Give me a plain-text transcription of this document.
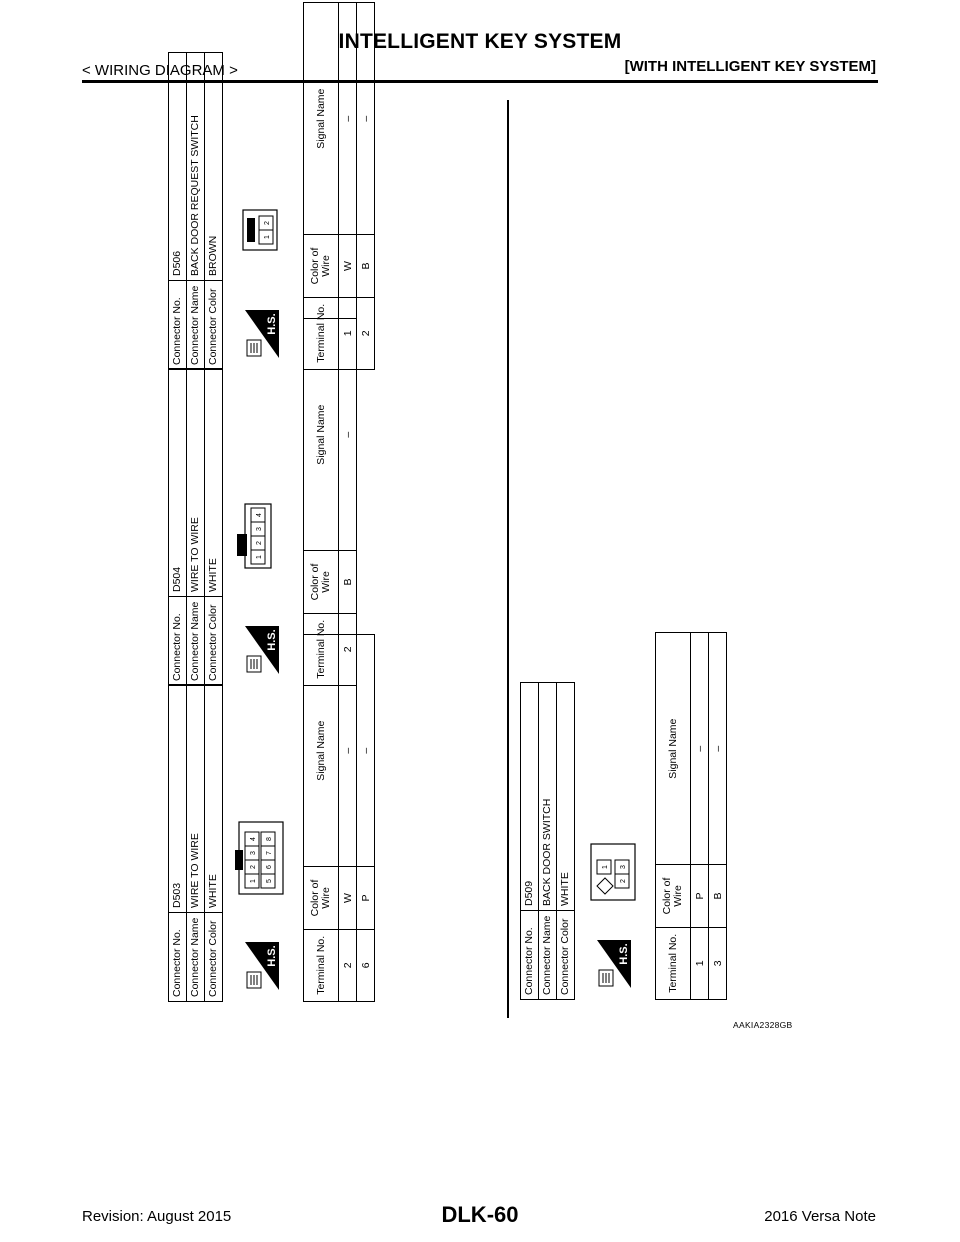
INTELLIGENT KEY SYSTEM
< WIRING DIAGRAM >	[WITH INTELLIGENT KEY SYSTEM]
Connector No.	D503
Connector Name	WIRE TO WIRE
Connector Color	WHITE
H.S.
1
2
3
4
5
6
7
8
Terminal No.	Color of Wire	Signal Name
2	W	–
6	P	–
Connector No.	D504
Connector Name	WIRE TO WIRE
Connector Color	WHITE
H.S.
1
2
3
4
Terminal No.	Color of Wire	Signal Name
2	B	–
Connector No.	D506
Connector Name	BACK DOOR REQUEST SWITCH
Connector Color	BROWN
H.S.
1
2
Terminal No.	Color of Wire	Signal Name
1	W	–
2	B	–
Connector No.	D509
Connector Name	BACK DOOR SWITCH
Connector Color	WHITE
H.S.
1
2
3
Terminal No.	Color of Wire	Signal Name
1	P	–
3	B	–
AAKIA2328GB
Revision: August 2015	DLK-60	2016 Versa Note
